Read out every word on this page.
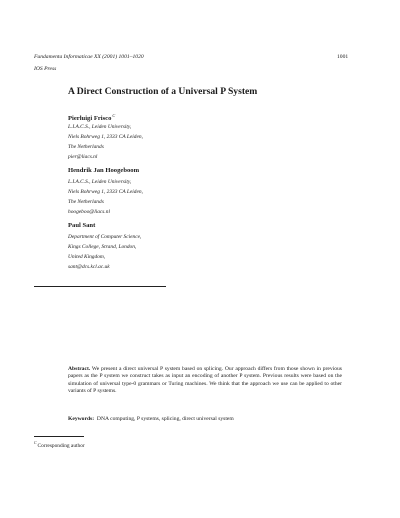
Fundamenta Informaticae XX (2001) 1001–1020	1001
IOS Press
A Direct Construction of a Universal P System
Pierluigi Frisco$^C$
L.I.A.C.S., Leiden University,
Niels Bohrweg 1, 2333 CA Leiden,
The Netherlands
pier@liacs.nl
Hendrik Jan Hoogeboom
L.I.A.C.S., Leiden University,
Niels Bohrweg 1, 2333 CA Leiden,
The Netherlands
hoogeboo@liacs.nl
Paul Sant
Department of Computer Science,
Kings College, Strand, London,
United Kingdom,
sant@dcs.kcl.ac.uk
Abstract. We present a direct universal P system based on splicing. Our approach differs from those shown in previous papers as the P system we construct takes as input an encoding of another P system. Previous results were based on the simulation of universal type-0 grammars or Turing machines. We think that the approach we use can be applied to other variants of P systems.
Keywords: DNA computing, P systems, splicing, direct universal system
$^C$Corresponding author
